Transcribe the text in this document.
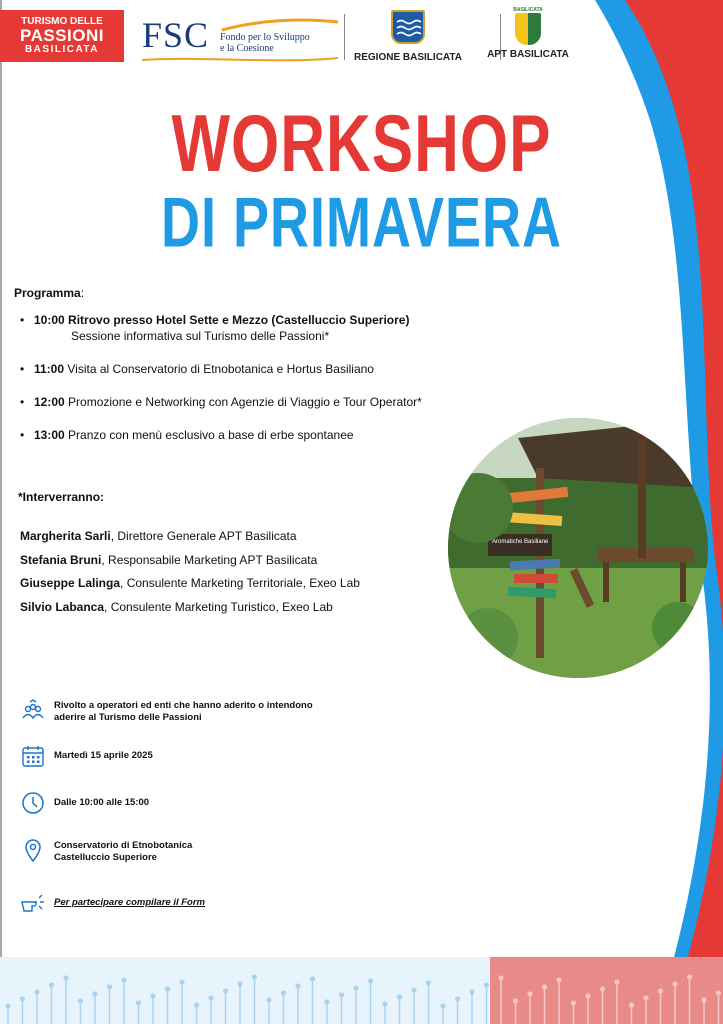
TURISMO DELLE
PASSIONI
BASILICATA	FSC Fondo per lo Sviluppo e la Coesione
REGIONE BASILICATA
BASILICATA
APT BASILICATA
WORKSHOP
DI PRIMAVERA
Programma:
• 10:00 Ritrovo presso Hotel Sette e Mezzo (Castelluccio Superiore)
Sessione informativa sul Turismo delle Passioni*
• 11:00 Visita al Conservatorio di Etnobotanica e Hortus Basiliano
• 12:00 Promozione e Networking con Agenzie di Viaggio e Tour Operator*
• 13:00 Pranzo con menù esclusivo a base di erbe spontanee
*Interverranno:
Margherita Sarli, Direttore Generale APT Basilicata
Stefania Bruni, Responsabile Marketing APT Basilicata
Giuseppe Lalinga, Consulente Marketing Territoriale, Exeo Lab
Silvio Labanca, Consulente Marketing Turistico, Exeo Lab
Aromatiche Basiliane
Rivolto a operatori ed enti che hanno aderito o intendono
aderire al Turismo delle Passioni
Martedì 15 aprile 2025
Dalle 10:00 alle 15:00
Conservatorio di Etnobotanica
Castelluccio Superiore
Per partecipare compilare il Form
